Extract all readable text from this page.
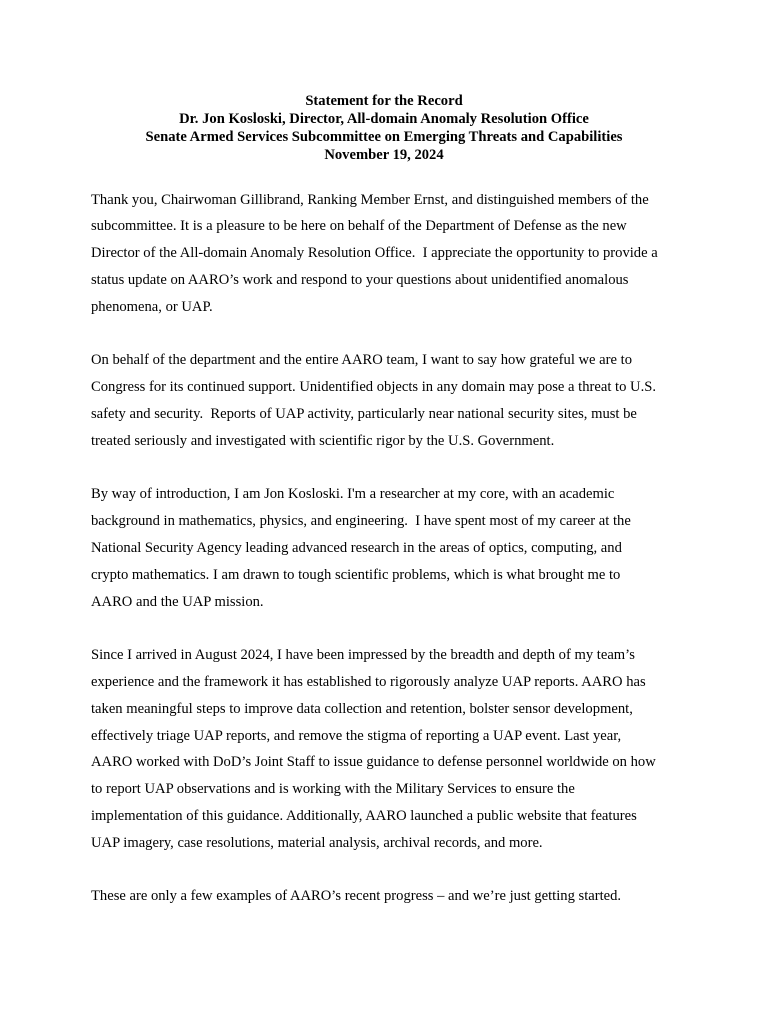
Statement for the Record
Dr. Jon Kosloski, Director, All-domain Anomaly Resolution Office
Senate Armed Services Subcommittee on Emerging Threats and Capabilities
November 19, 2024
Thank you, Chairwoman Gillibrand, Ranking Member Ernst, and distinguished members of the
subcommittee. It is a pleasure to be here on behalf of the Department of Defense as the new
Director of the All-domain Anomaly Resolution Office.  I appreciate the opportunity to provide a
status update on AARO’s work and respond to your questions about unidentified anomalous
phenomena, or UAP.
On behalf of the department and the entire AARO team, I want to say how grateful we are to
Congress for its continued support. Unidentified objects in any domain may pose a threat to U.S.
safety and security.  Reports of UAP activity, particularly near national security sites, must be
treated seriously and investigated with scientific rigor by the U.S. Government.
By way of introduction, I am Jon Kosloski. I'm a researcher at my core, with an academic
background in mathematics, physics, and engineering.  I have spent most of my career at the
National Security Agency leading advanced research in the areas of optics, computing, and
crypto mathematics. I am drawn to tough scientific problems, which is what brought me to
AARO and the UAP mission.
Since I arrived in August 2024, I have been impressed by the breadth and depth of my team’s
experience and the framework it has established to rigorously analyze UAP reports. AARO has
taken meaningful steps to improve data collection and retention, bolster sensor development,
effectively triage UAP reports, and remove the stigma of reporting a UAP event. Last year,
AARO worked with DoD’s Joint Staff to issue guidance to defense personnel worldwide on how
to report UAP observations and is working with the Military Services to ensure the
implementation of this guidance. Additionally, AARO launched a public website that features
UAP imagery, case resolutions, material analysis, archival records, and more.
These are only a few examples of AARO’s recent progress – and we’re just getting started.
